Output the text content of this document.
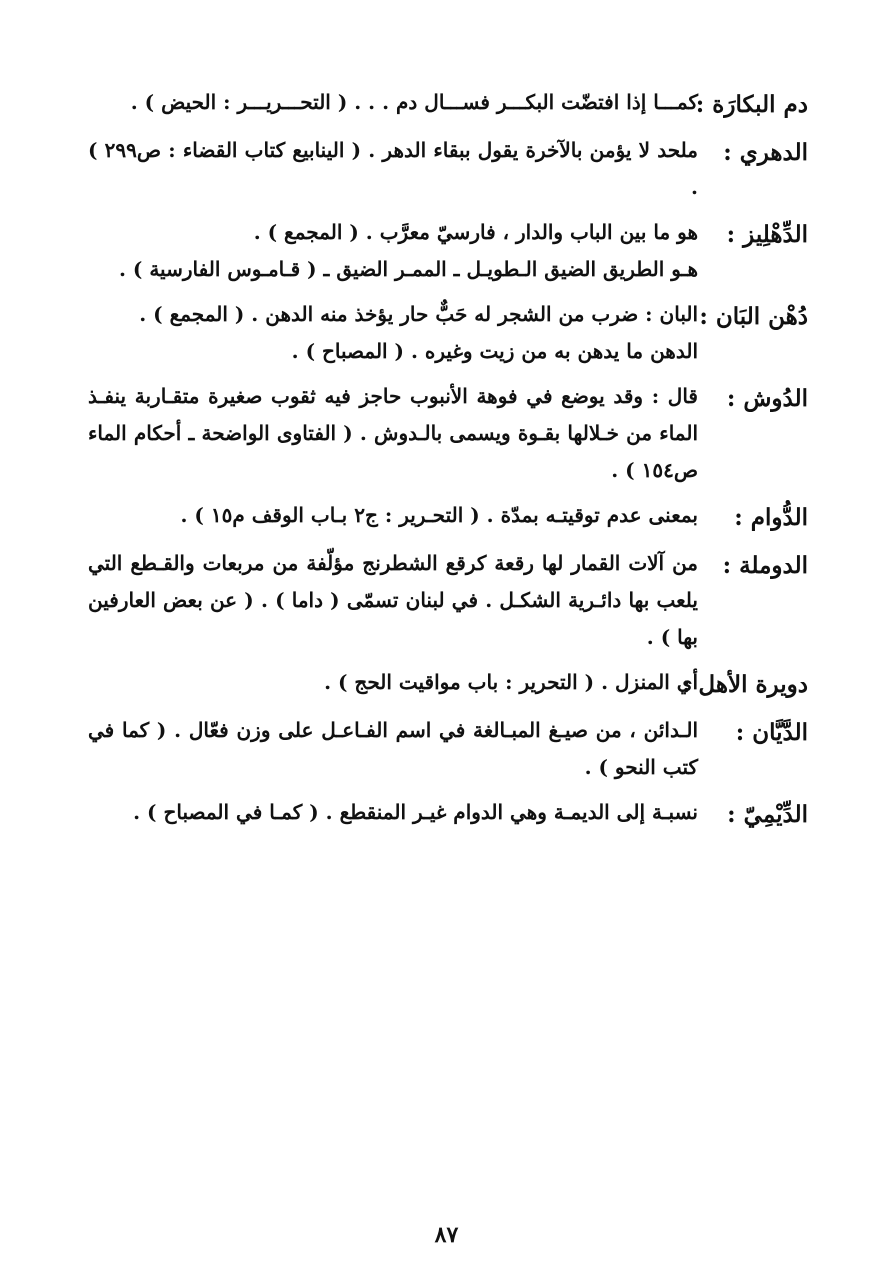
دم البكارَة :

كمـــا إذا افتضّت البكـــر فســـال دم . . . ( التحـــريـــر : الحيض ) .

الدهري :

ملحد لا يؤمن بالآخرة يقول ببقاء الدهر . ( الينابيع كتاب القضاء : ص٢٩٩ ) .

الدِّهْلِيز :

هو ما بين الباب والدار ، فارسيّ معرَّب . ( المجمع ) .

هـو الطريق الضيق الـطويـل ـ الممـر الضيق ـ ( قـامـوس الفارسية ) .

دُهْن البَان :

البان : ضرب من الشجر له حَبٌّ حار يؤخذ منه الدهن . ( المجمع ) .

الدهن ما يدهن به من زيت وغيره . ( المصباح ) .

الدُوش :

قال : وقد يوضع في فوهة الأنبوب حاجز فيه ثقوب صغيرة متقـاربة ينفـذ الماء من خـلالها بقـوة ويسمى بالـدوش . ( الفتاوى الواضحة ـ أحكام الماء ص١٥٤ ) .

الدُّوام :

بمعنى عدم توقيتـه بمدّة . ( التحـرير : ج٢ بـاب الوقف م١٥ ) .

الدوملة :

من آلات القمار لها رقعة كرقع الشطرنج مؤلّفة من مربعات والقـطع التي يلعب بها دائـرية الشكـل . في لبنان تسمّى ( داما ) . ( عن بعض العارفين بها ) .

دويرة الأهل :

أي المنزل . ( التحرير : باب مواقيت الحج ) .

الدَّيَّان :

الـدائن ، من صيـغ المبـالغة في اسم الفـاعـل على وزن فعّال . ( كما في كتب النحو ) .

الدِّيْمِيّ :

نسبـة إلى الديمـة وهي الدوام غيـر المنقطع . ( كمـا في المصباح ) .

٨٧
